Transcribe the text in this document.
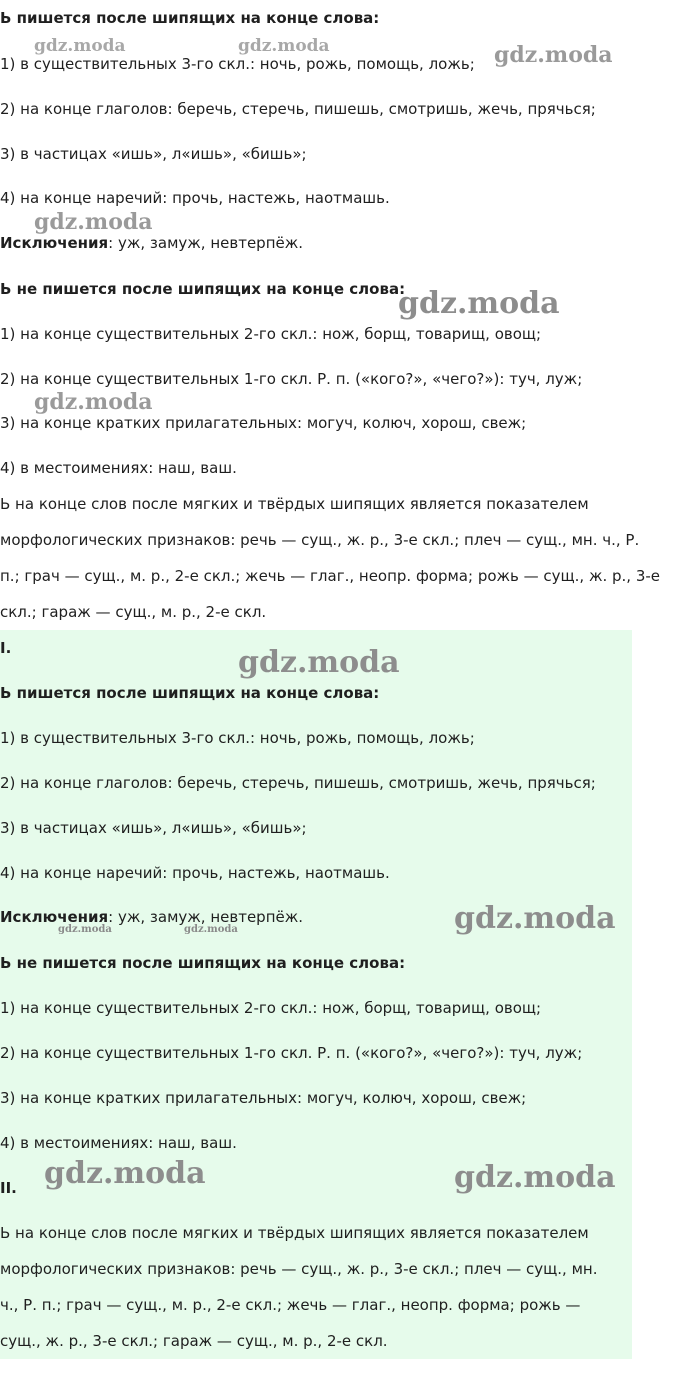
Ь пишется после шипящих на конце слова:
1) в существительных 3-го скл.: ночь, рожь, помощь, ложь;
2) на конце глаголов: беречь, стеречь, пишешь, смотришь, жечь, прячься;
3) в частицах «ишь», л«ишь», «бишь»;
4) на конце наречий: прочь, настежь, наотмашь.
Исключения: уж, замуж, невтерпёж.
Ь не пишется после шипящих на конце слова:
1) на конце существительных 2-го скл.: нож, борщ, товарищ, овощ;
2) на конце существительных 1-го скл. Р. п. («кого?», «чего?»): туч, луж;
3) на конце кратких прилагательных: могуч, колюч, хорош, свеж;
4) в местоимениях: наш, ваш.
Ь на конце слов после мягких и твёрдых шипящих является показателем
морфологических признаков: речь — сущ., ж. р., 3-е скл.; плеч — сущ., мн. ч., Р.
п.; грач — сущ., м. р., 2-е скл.; жечь — глаг., неопр. форма; рожь — сущ., ж. р., 3-е
скл.; гараж — сущ., м. р., 2-е скл.
I.
Ь пишется после шипящих на конце слова:
1) в существительных 3-го скл.: ночь, рожь, помощь, ложь;
2) на конце глаголов: беречь, стеречь, пишешь, смотришь, жечь, прячься;
3) в частицах «ишь», л«ишь», «бишь»;
4) на конце наречий: прочь, настежь, наотмашь.
Исключения: уж, замуж, невтерпёж.
Ь не пишется после шипящих на конце слова:
1) на конце существительных 2-го скл.: нож, борщ, товарищ, овощ;
2) на конце существительных 1-го скл. Р. п. («кого?», «чего?»): туч, луж;
3) на конце кратких прилагательных: могуч, колюч, хорош, свеж;
4) в местоимениях: наш, ваш.
II.
Ь на конце слов после мягких и твёрдых шипящих является показателем
морфологических признаков: речь — сущ., ж. р., 3-е скл.; плеч — сущ., мн.
ч., Р. п.; грач — сущ., м. р., 2-е скл.; жечь — глаг., неопр. форма; рожь —
сущ., ж. р., 3-е скл.; гараж — сущ., м. р., 2-е скл.
gdz.moda	gdz.moda	gdz.moda
gdz.moda
gdz.moda
gdz.moda
gdz.moda
gdz.moda
gdz.moda	gdz.moda
gdz.moda	gdz.moda
